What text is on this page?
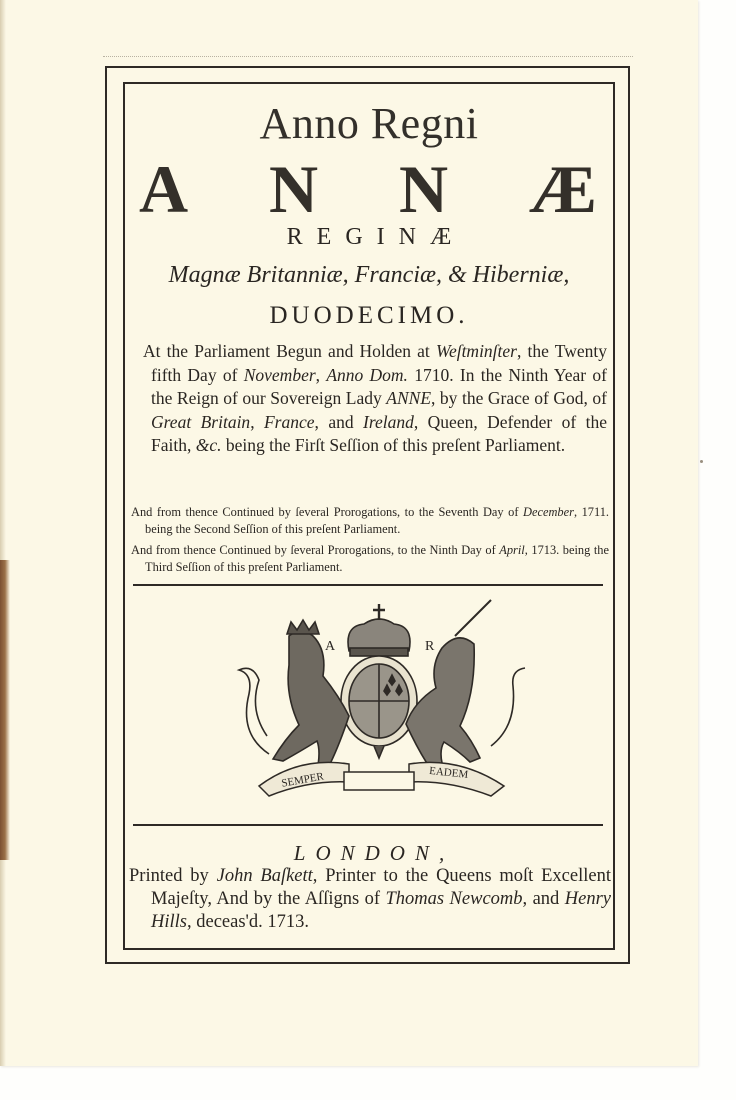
Anno Regni
A N N Æ
REGINÆ
Magnæ Britanniæ, Franciæ, & Hiberniæ,
DUODECIMO.
At the Parliament Begun and Holden at Weſtminſter, the Twenty fifth Day of November, Anno Dom. 1710. In the Ninth Year of the Reign of our Sovereign Lady ANNE, by the Grace of God, of Great Britain, France, and Ireland, Queen, Defender of the Faith, &c. being the Firſt Seſſion of this preſent Parliament.
And from thence Continued by ſeveral Prorogations, to the Seventh Day of December, 1711. being the Second Seſſion of this preſent Parliament.
And from thence Continued by ſeveral Prorogations, to the Ninth Day of April, 1713. being the Third Seſſion of this preſent Parliament.
A	R
SEMPER	EADEM
LONDON,
Printed by John Baſkett, Printer to the Queens moſt Excellent Majeſty, And by the Aſſigns of Thomas Newcomb, and Henry Hills, deceas'd. 1713.
